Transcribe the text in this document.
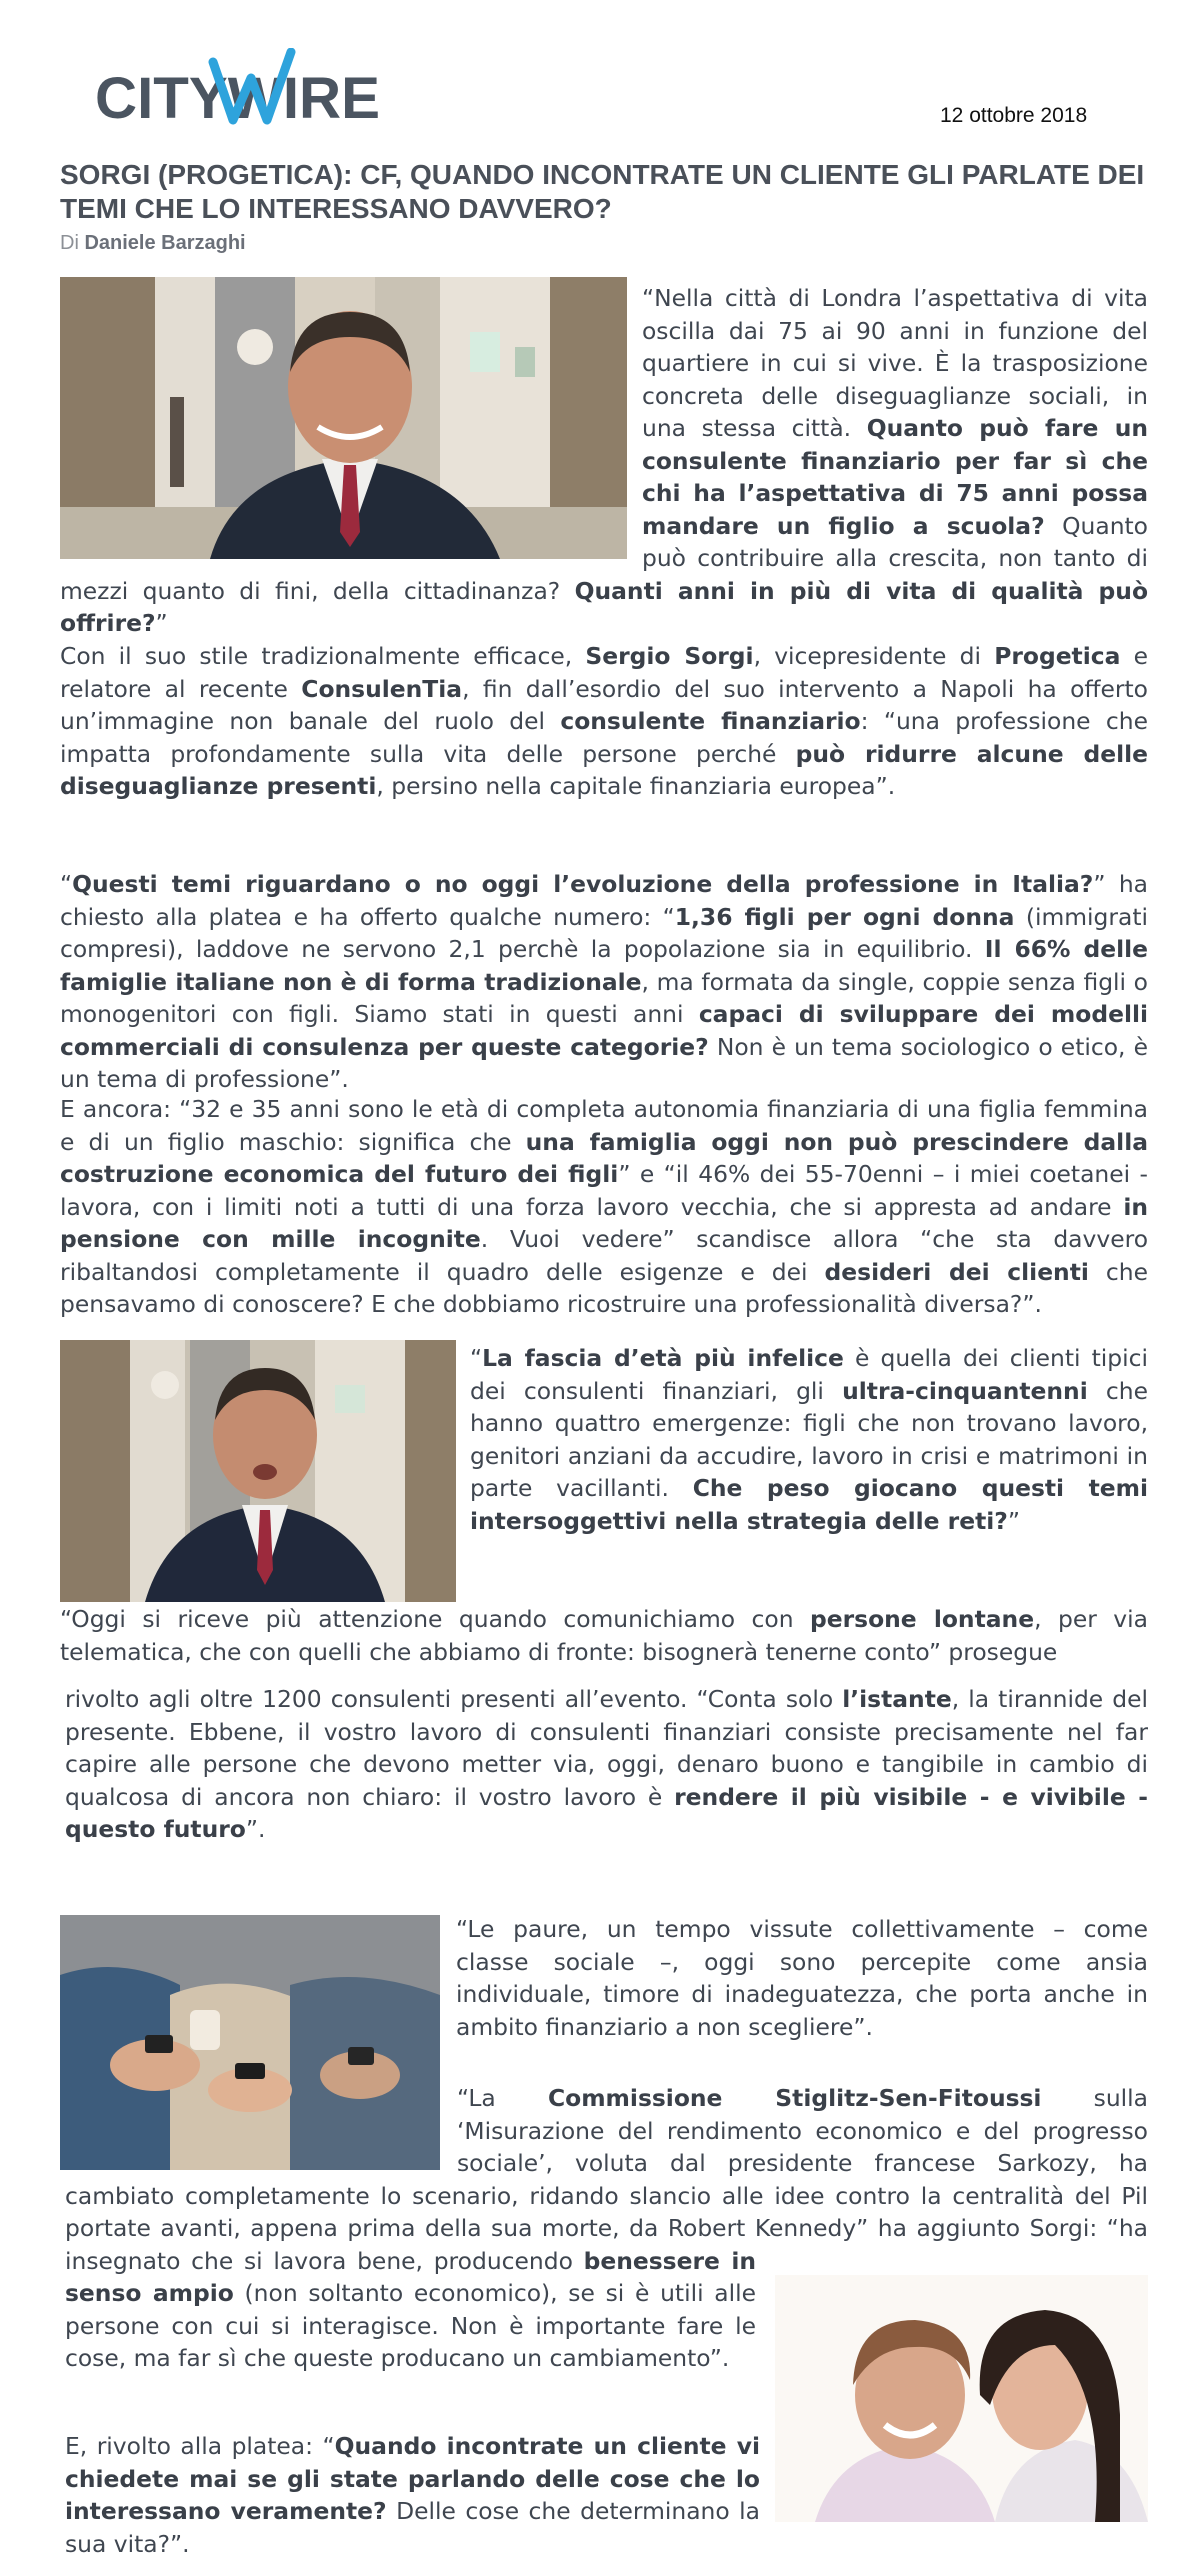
CITYWIRE	12 ottobre 2018
SORGI (PROGETICA): CF, QUANDO INCONTRATE UN CLIENTE GLI PARLATE DEI TEMI CHE LO INTERESSANO DAVVERO?
Di Daniele Barzaghi

“Nella città di Londra l’aspettativa di vita oscilla dai 75 ai 90 anni in funzione del quartiere in cui si vive. È la trasposizione concreta delle diseguaglianze sociali, in una stessa città. Quanto può fare un consulente finanziario per far sì che chi ha l’aspettativa di 75 anni possa mandare un figlio a scuola? Quanto può contribuire alla crescita, non tanto di mezzi quanto di fini, della cittadinanza? Quanti anni in più di vita di qualità può offrire?”

Con il suo stile tradizionalmente efficace, Sergio Sorgi, vicepresidente di Progetica e relatore al recente ConsulenTia, fin dall’esordio del suo intervento a Napoli ha offerto un’immagine non banale del ruolo del consulente finanziario: “una professione che impatta profondamente sulla vita delle persone perché può ridurre alcune delle diseguaglianze presenti, persino nella capitale finanziaria europea”.

“Questi temi riguardano o no oggi l’evoluzione della professione in Italia?” ha chiesto alla platea e ha offerto qualche numero: “1,36 figli per ogni donna (immigrati compresi), laddove ne servono 2,1 perchè la popolazione sia in equilibrio. Il 66% delle famiglie italiane non è di forma tradizionale, ma formata da single, coppie senza figli o monogenitori con figli. Siamo stati in questi anni capaci di sviluppare dei modelli commerciali di consulenza per queste categorie? Non è un tema sociologico o etico, è un tema di professione”.

E ancora: “32 e 35 anni sono le età di completa autonomia finanziaria di una figlia femmina e di un figlio maschio: significa che una famiglia oggi non può prescindere dalla costruzione economica del futuro dei figli” e “il 46% dei 55-70enni – i miei coetanei - lavora, con i limiti noti a tutti di una forza lavoro vecchia, che si appresta ad andare in pensione con mille incognite. Vuoi vedere” scandisce allora “che sta davvero ribaltandosi completamente il quadro delle esigenze e dei desideri dei clienti che pensavamo di conoscere? E che dobbiamo ricostruire una professionalità diversa?”.

“La fascia d’età più infelice è quella dei clienti tipici dei consulenti finanziari, gli ultra-cinquantenni che hanno quattro emergenze: figli che non trovano lavoro, genitori anziani da accudire, lavoro in crisi e matrimoni in parte vacillanti. Che peso giocano questi temi intersoggettivi nella strategia delle reti?”

“Oggi si riceve più attenzione quando comunichiamo con persone lontane, per via telematica, che con quelli che abbiamo di fronte: bisognerà tenerne conto” prosegue

rivolto agli oltre 1200 consulenti presenti all’evento. “Conta solo l’istante, la tirannide del presente. Ebbene, il vostro lavoro di consulenti finanziari consiste precisamente nel far capire alle persone che devono metter via, oggi, denaro buono e tangibile in cambio di qualcosa di ancora non chiaro: il vostro lavoro è rendere il più visibile - e vivibile - questo futuro”.

“Le paure, un tempo vissute collettivamente – come classe sociale –, oggi sono percepite come ansia individuale, timore di inadeguatezza, che porta anche in ambito finanziario a non scegliere”.

“La Commissione Stiglitz-Sen-Fitoussi sulla ‘Misurazione del rendimento economico e del progresso sociale’, voluta dal presidente francese Sarkozy, ha cambiato completamente lo scenario, ridando slancio alle idee contro la centralità del Pil portate avanti, appena prima della sua morte, da Robert Kennedy” ha aggiunto Sorgi: “ha insegnato che si lavora bene, producendo benessere in senso ampio (non soltanto economico), se si è utili alle persone con cui si interagisce. Non è importante fare le cose, ma far sì che queste producano un cambiamento”.

E, rivolto alla platea: “Quando incontrate un cliente vi chiedete mai se gli state parlando delle cose che lo interessano veramente? Delle cose che determinano la sua vita?”.
